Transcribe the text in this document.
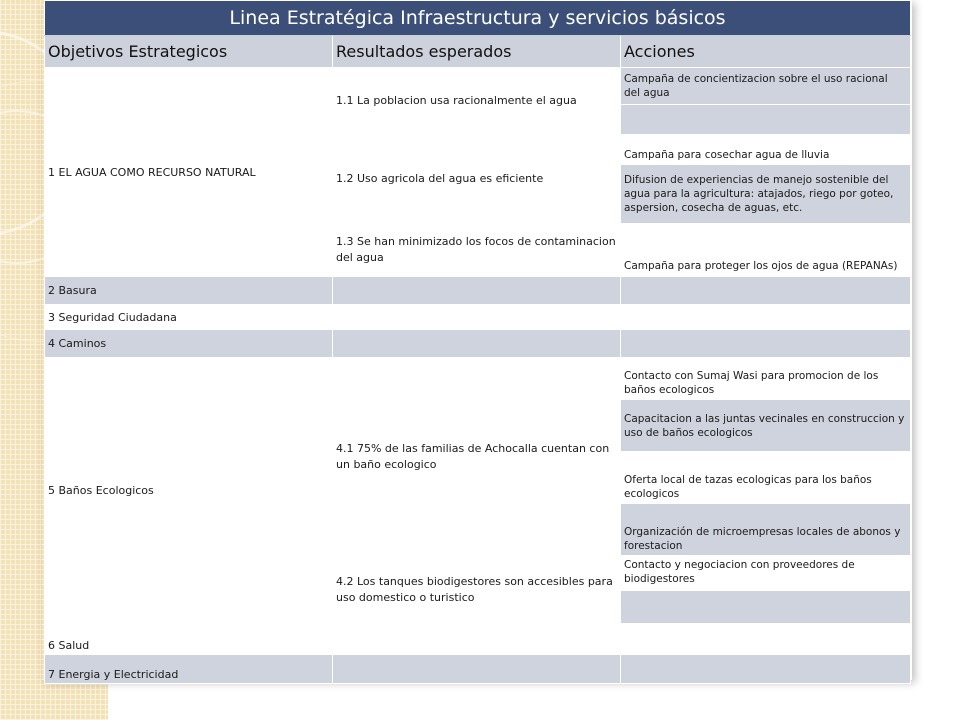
Linea Estratégica Infraestructura y servicios básicos		
Objetivos Estrategicos	Resultados esperados	Acciones
1 EL AGUA COMO RECURSO NATURAL	1.1 La poblacion usa racionalmente el agua	Campaña de concientizacion sobre el uso racional del agua

	1.2 Uso agricola del agua es eficiente	Campaña para cosechar agua de lluvia
		Difusion de experiencias de manejo sostenible del agua para la agricultura: atajados, riego por goteo, aspersion, cosecha de aguas, etc.
	1.3 Se han minimizado los focos de contaminacion del agua	Campaña para proteger los ojos de agua (REPANAs)

2 Basura		
3 Seguridad Ciudadana		
4 Caminos		
5 Baños Ecologicos	4.1 75% de las familias de Achocalla cuentan con un baño ecologico	Contacto con Sumaj Wasi para promocion de los baños ecologicos
		Capacitacion a las juntas vecinales en construccion y uso de baños ecologicos
		Oferta local de tazas ecologicas para los baños ecologicos
		Organización de microempresas locales de abonos y forestacion
	4.2 Los tanques biodigestores son accesibles para uso domestico o turistico	Contacto y negociacion con proveedores de biodigestores

6 Salud		
7 Energia y Electricidad		
